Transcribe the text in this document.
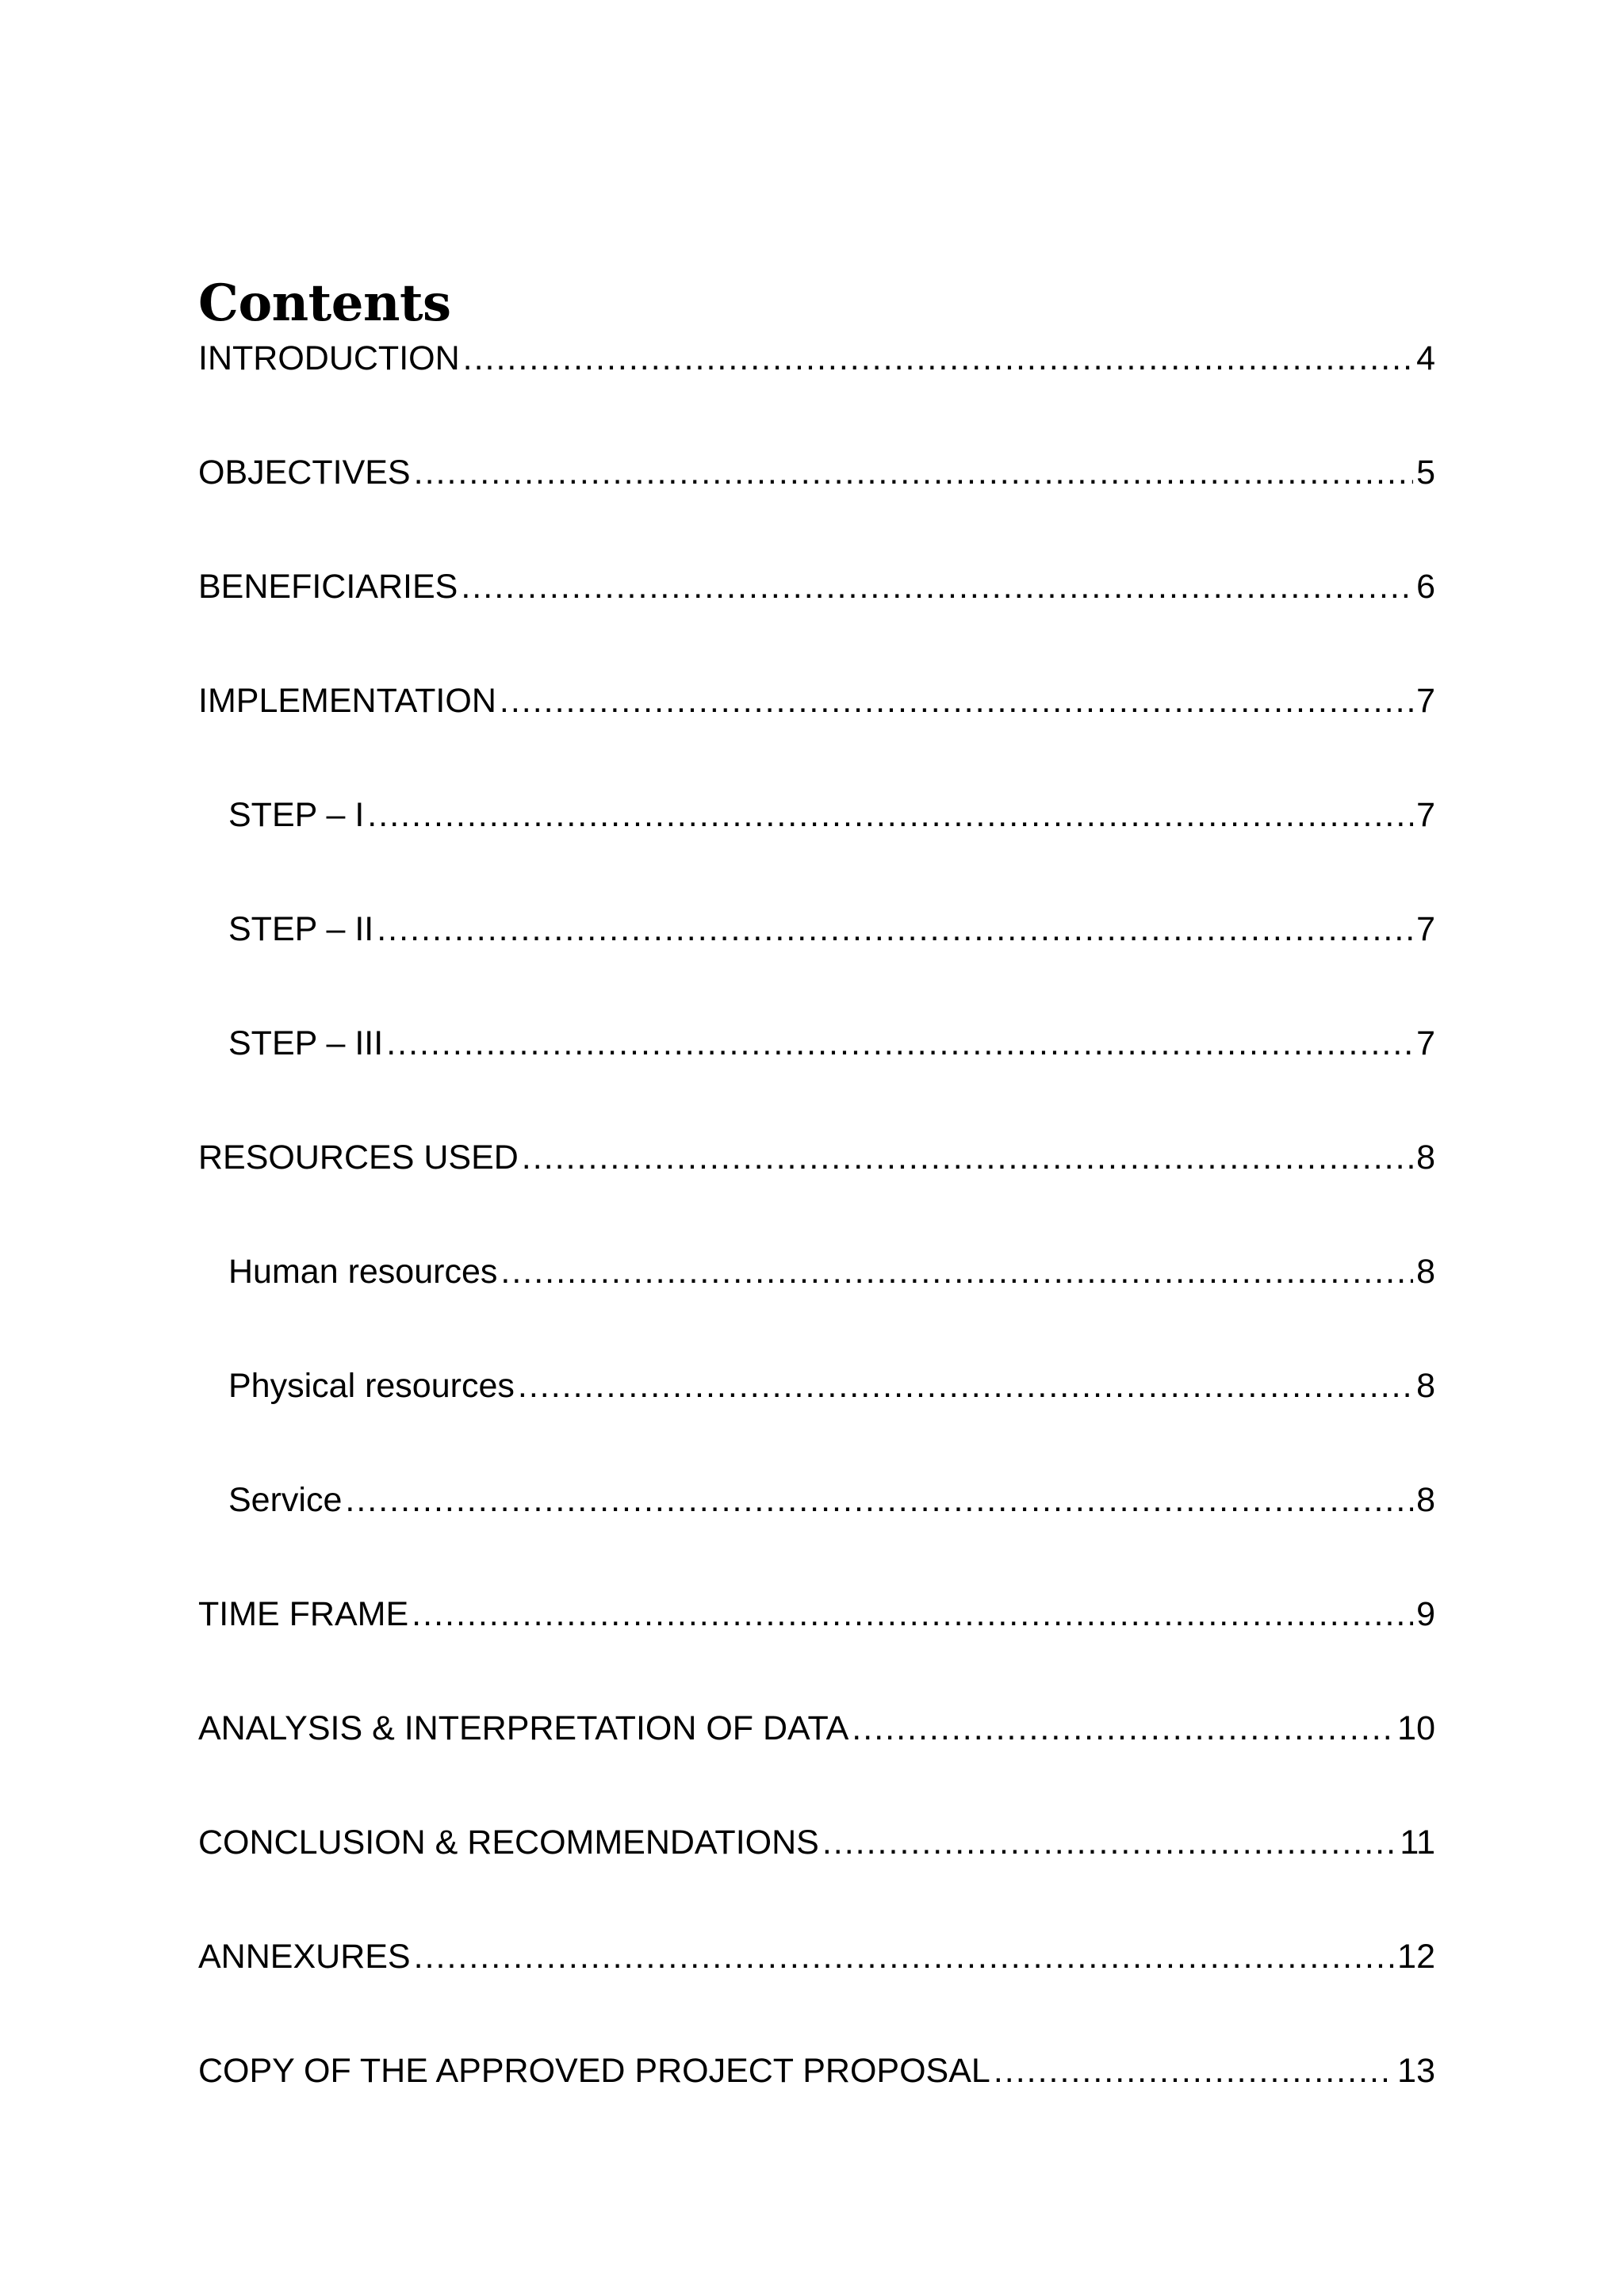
Contents
INTRODUCTION .....	4
OBJECTIVES .....	5
BENEFICIARIES .....	6
IMPLEMENTATION .....	7
STEP – I .....	7
STEP – II .....	7
STEP – III .....	7
RESOURCES USED .....	8
Human resources .....	8
Physical resources .....	8
Service .....	8
TIME FRAME .....	9
ANALYSIS & INTERPRETATION OF DATA .....	10
CONCLUSION & RECOMMENDATIONS .....	11
ANNEXURES .....	12
COPY OF THE APPROVED PROJECT PROPOSAL .....	13
